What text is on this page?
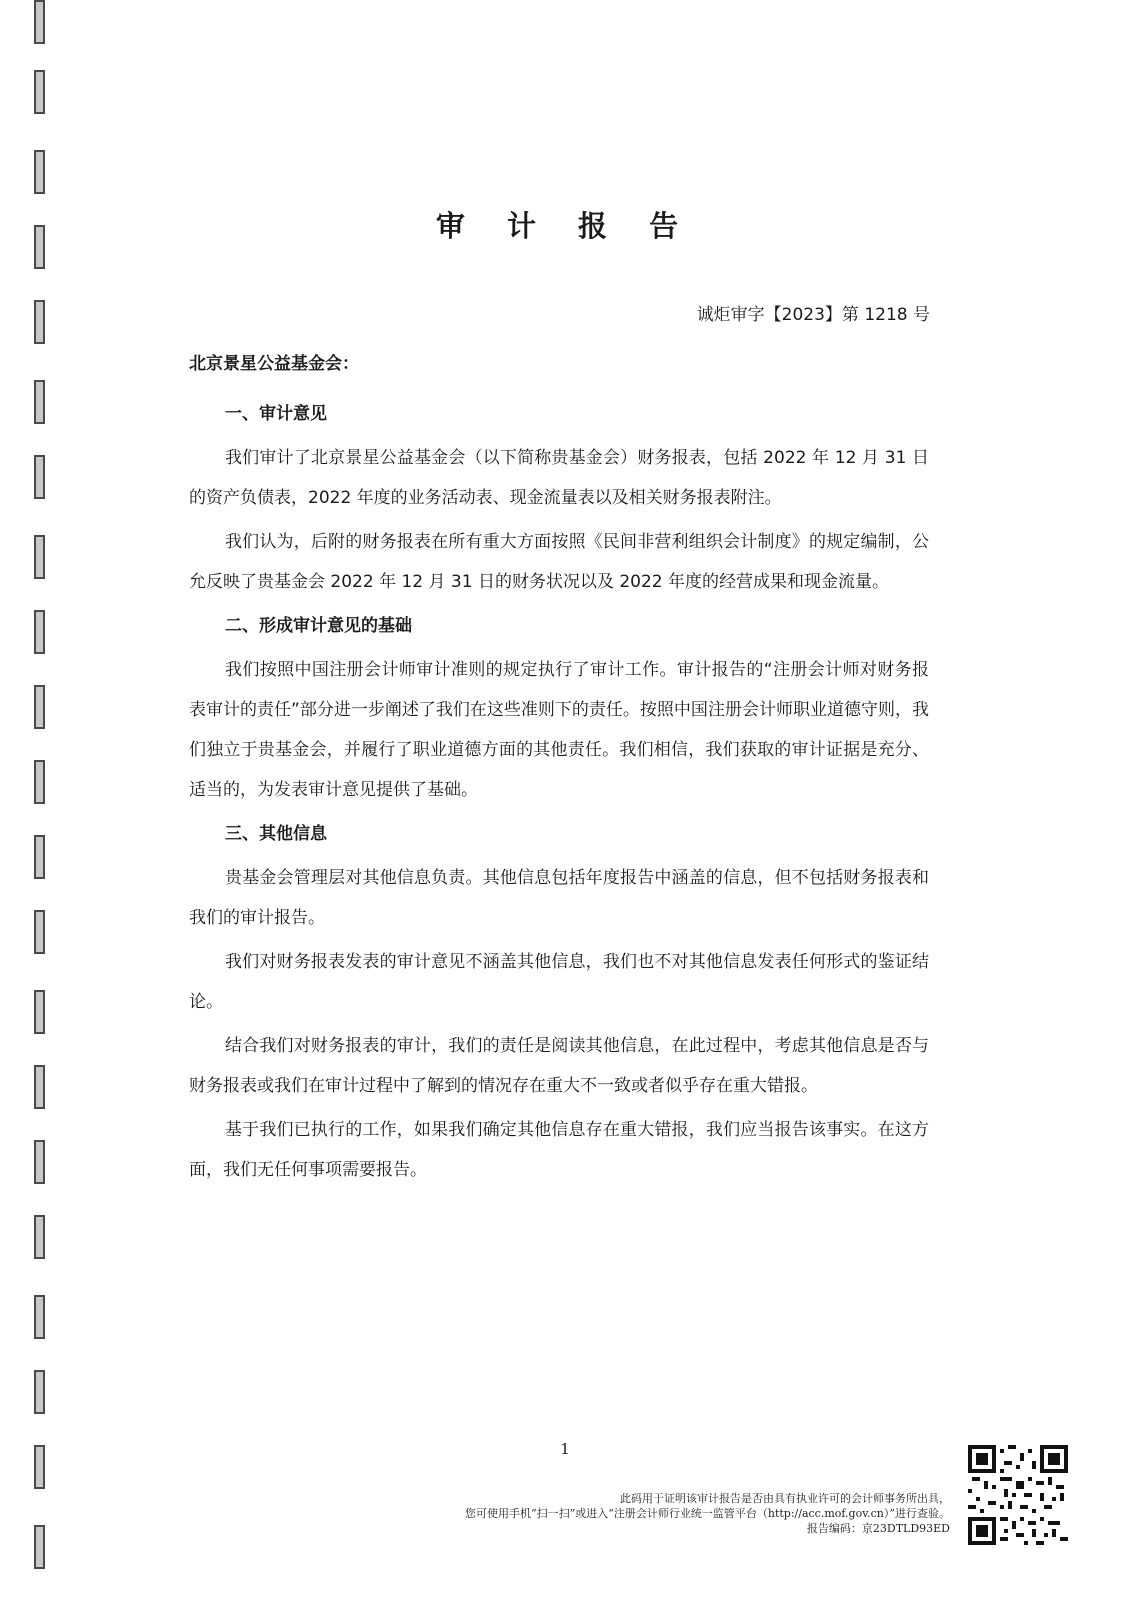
审 计 报 告
诚炬审字【2023】第 1218 号
北京景星公益基金会：
一、审计意见

我们审计了北京景星公益基金会（以下简称贵基金会）财务报表，包括 2022 年 12 月 31 日的资产负债表，2022 年度的业务活动表、现金流量表以及相关财务报表附注。

我们认为，后附的财务报表在所有重大方面按照《民间非营利组织会计制度》的规定编制，公允反映了贵基金会 2022 年 12 月 31 日的财务状况以及 2022 年度的经营成果和现金流量。

二、形成审计意见的基础

我们按照中国注册会计师审计准则的规定执行了审计工作。审计报告的“注册会计师对财务报表审计的责任”部分进一步阐述了我们在这些准则下的责任。按照中国注册会计师职业道德守则，我们独立于贵基金会，并履行了职业道德方面的其他责任。我们相信，我们获取的审计证据是充分、适当的，为发表审计意见提供了基础。

三、其他信息

贵基金会管理层对其他信息负责。其他信息包括年度报告中涵盖的信息，但不包括财务报表和我们的审计报告。

我们对财务报表发表的审计意见不涵盖其他信息，我们也不对其他信息发表任何形式的鉴证结论。

结合我们对财务报表的审计，我们的责任是阅读其他信息，在此过程中，考虑其他信息是否与财务报表或我们在审计过程中了解到的情况存在重大不一致或者似乎存在重大错报。

基于我们已执行的工作，如果我们确定其他信息存在重大错报，我们应当报告该事实。在这方面，我们无任何事项需要报告。

1
此码用于证明该审计报告是否由具有执业许可的会计师事务所出具，
您可使用手机“扫一扫”或进入“注册会计师行业统一监管平台（http://acc.mof.gov.cn）”进行查验。
报告编码：京23DTLD93ED
